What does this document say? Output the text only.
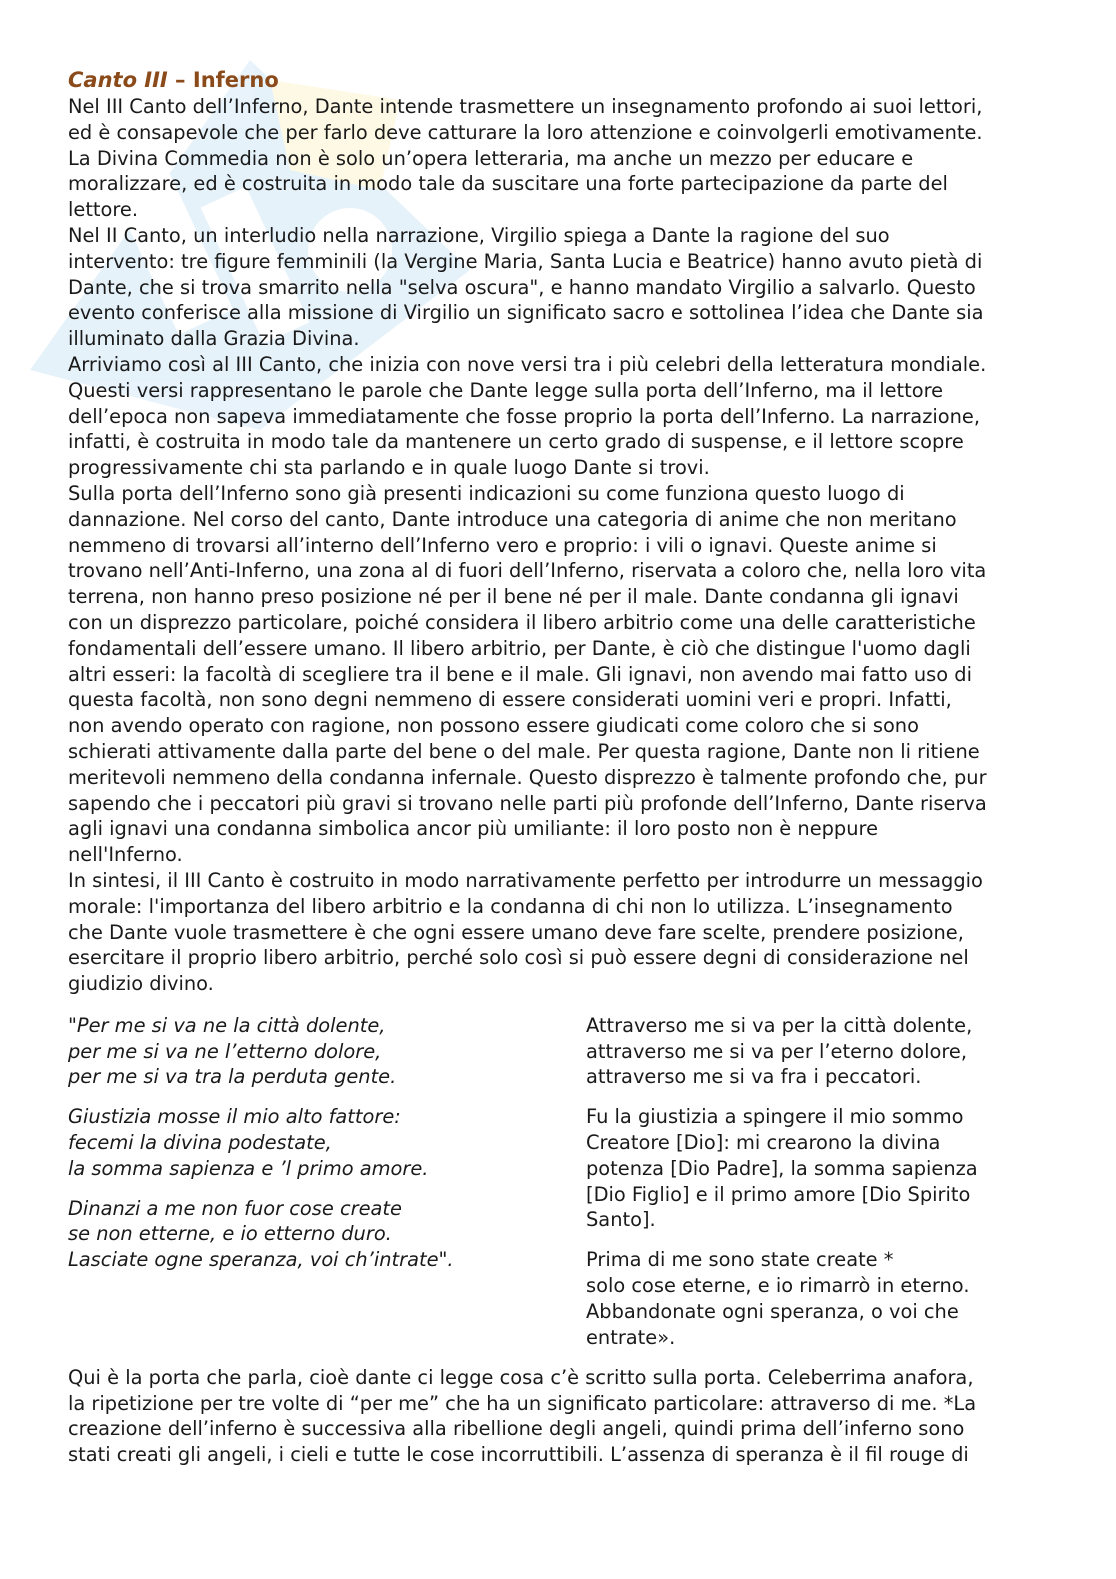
Canto III – Inferno

Nel III Canto dell’Inferno, Dante intende trasmettere un insegnamento profondo ai suoi lettori,
ed è consapevole che per farlo deve catturare la loro attenzione e coinvolgerli emotivamente.
La Divina Commedia non è solo un’opera letteraria, ma anche un mezzo per educare e
moralizzare, ed è costruita in modo tale da suscitare una forte partecipazione da parte del
lettore.

Nel II Canto, un interludio nella narrazione, Virgilio spiega a Dante la ragione del suo
intervento: tre figure femminili (la Vergine Maria, Santa Lucia e Beatrice) hanno avuto pietà di
Dante, che si trova smarrito nella "selva oscura", e hanno mandato Virgilio a salvarlo. Questo
evento conferisce alla missione di Virgilio un significato sacro e sottolinea l’idea che Dante sia
illuminato dalla Grazia Divina.

Arriviamo così al III Canto, che inizia con nove versi tra i più celebri della letteratura mondiale.
Questi versi rappresentano le parole che Dante legge sulla porta dell’Inferno, ma il lettore
dell’epoca non sapeva immediatamente che fosse proprio la porta dell’Inferno. La narrazione,
infatti, è costruita in modo tale da mantenere un certo grado di suspense, e il lettore scopre
progressivamente chi sta parlando e in quale luogo Dante si trovi.

Sulla porta dell’Inferno sono già presenti indicazioni su come funziona questo luogo di
dannazione. Nel corso del canto, Dante introduce una categoria di anime che non meritano
nemmeno di trovarsi all’interno dell’Inferno vero e proprio: i vili o ignavi. Queste anime si
trovano nell’Anti-Inferno, una zona al di fuori dell’Inferno, riservata a coloro che, nella loro vita
terrena, non hanno preso posizione né per il bene né per il male. Dante condanna gli ignavi
con un disprezzo particolare, poiché considera il libero arbitrio come una delle caratteristiche
fondamentali dell’essere umano. Il libero arbitrio, per Dante, è ciò che distingue l'uomo dagli
altri esseri: la facoltà di scegliere tra il bene e il male. Gli ignavi, non avendo mai fatto uso di
questa facoltà, non sono degni nemmeno di essere considerati uomini veri e propri. Infatti,
non avendo operato con ragione, non possono essere giudicati come coloro che si sono
schierati attivamente dalla parte del bene o del male. Per questa ragione, Dante non li ritiene
meritevoli nemmeno della condanna infernale. Questo disprezzo è talmente profondo che, pur
sapendo che i peccatori più gravi si trovano nelle parti più profonde dell’Inferno, Dante riserva
agli ignavi una condanna simbolica ancor più umiliante: il loro posto non è neppure
nell'Inferno.

In sintesi, il III Canto è costruito in modo narrativamente perfetto per introdurre un messaggio
morale: l'importanza del libero arbitrio e la condanna di chi non lo utilizza. L’insegnamento
che Dante vuole trasmettere è che ogni essere umano deve fare scelte, prendere posizione,
esercitare il proprio libero arbitrio, perché solo così si può essere degni di considerazione nel
giudizio divino.

"Per me si va ne la città dolente,
per me si va ne l’etterno dolore,
per me si va tra la perduta gente.

Giustizia mosse il mio alto fattore:
fecemi la divina podestate,
la somma sapienza e ’l primo amore.

Dinanzi a me non fuor cose create
se non etterne, e io etterno duro.
Lasciate ogne speranza, voi ch’intrate".

Attraverso me si va per la città dolente,
attraverso me si va per l’eterno dolore,
attraverso me si va fra i peccatori.

Fu la giustizia a spingere il mio sommo
Creatore [Dio]: mi crearono la divina
potenza [Dio Padre], la somma sapienza
[Dio Figlio] e il primo amore [Dio Spirito
Santo].

Prima di me sono state create *
solo cose eterne, e io rimarrò in eterno.
Abbandonate ogni speranza, o voi che
entrate».

Qui è la porta che parla, cioè dante ci legge cosa c’è scritto sulla porta. Celeberrima anafora,
la ripetizione per tre volte di “per me” che ha un significato particolare: attraverso di me. *La
creazione dell’inferno è successiva alla ribellione degli angeli, quindi prima dell’inferno sono
stati creati gli angeli, i cieli e tutte le cose incorruttibili. L’assenza di speranza è il fil rouge di
